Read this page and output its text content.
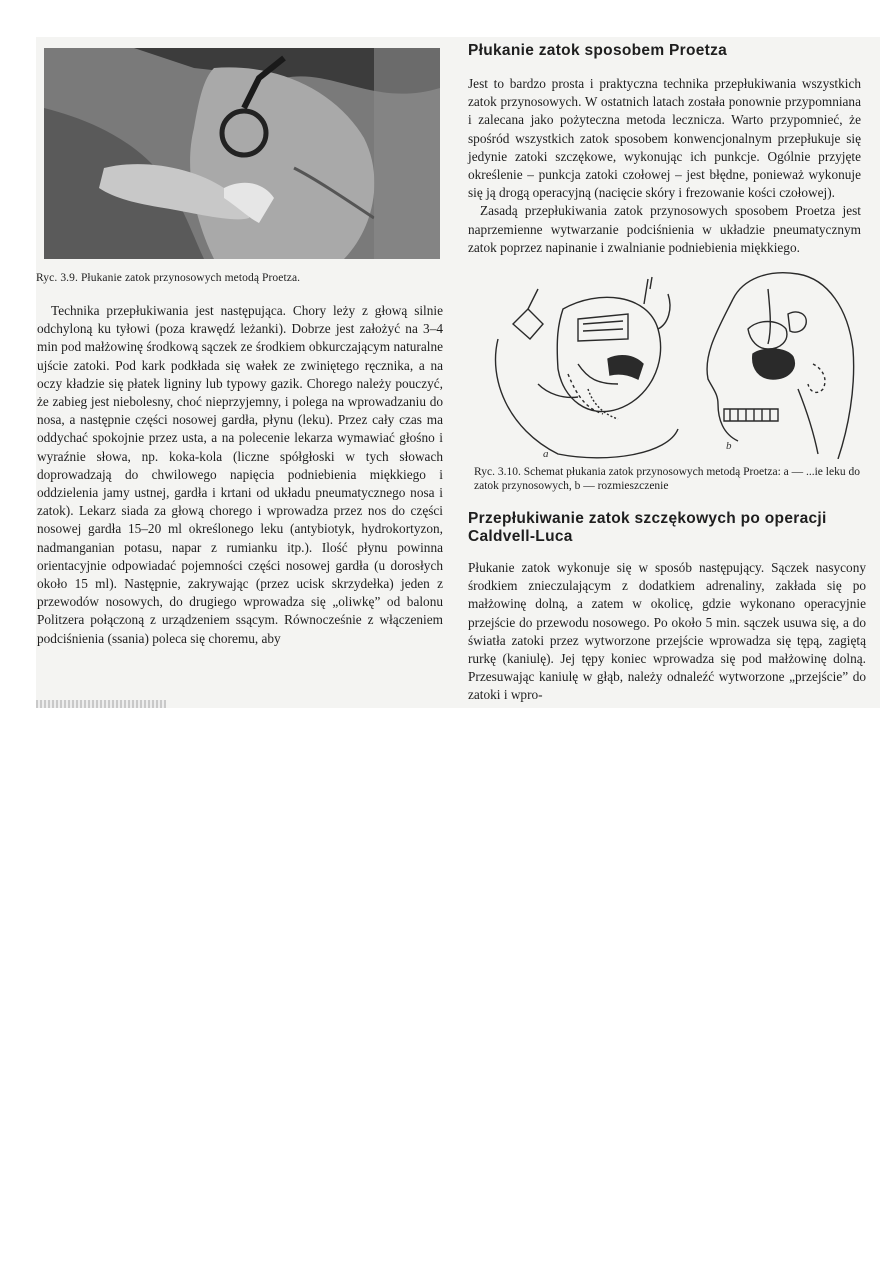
Ryc. 3.9. Płukanie zatok przynosowych metodą Proetza.

Technika przepłukiwania jest następująca. Chory leży z głową silnie odchyloną ku tyłowi (poza krawędź leżanki). Dobrze jest założyć na 3–4 min pod małżowinę środkową sączek ze środkiem obkurczającym naturalne ujście zatoki. Pod kark podkłada się wałek ze zwiniętego ręcznika, a na oczy kładzie się płatek ligniny lub typowy gazik. Chorego należy pouczyć, że zabieg jest niebolesny, choć nieprzyjemny, i polega na wprowadzaniu do nosa, a następnie części nosowej gardła, płynu (leku). Przez cały czas ma oddychać spokojnie przez usta, a na polecenie lekarza wymawiać głośno i wyraźnie słowa, np. koka-kola (liczne spółgłoski w tych słowach doprowadzają do chwilowego napięcia podniebienia miękkiego i oddzielenia jamy ustnej, gardła i krtani od układu pneumatycznego nosa i zatok). Lekarz siada za głową chorego i wprowadza przez nos do części nosowej gardła 15–20 ml określonego leku (antybiotyk, hydrokortyzon, nadmanganian potasu, napar z rumianku itp.). Ilość płynu powinna orientacyjnie odpowiadać pojemności części nosowej gardła (u dorosłych około 15 ml). Następnie, zakrywając (przez ucisk skrzydełka) jeden z przewodów nosowych, do drugiego wprowadza się „oliwkę” od balonu Politzera połączoną z urządzeniem ssącym. Równocześnie z włączeniem podciśnienia (ssania) poleca się choremu, aby

Płukanie zatok sposobem Proetza

Jest to bardzo prosta i praktyczna technika przepłukiwania wszystkich zatok przynosowych. W ostatnich latach została ponownie przypomniana i zalecana jako pożyteczna metoda lecznicza. Warto przypomnieć, że spośród wszystkich zatok sposobem konwencjonalnym przepłukuje się jedynie zatoki szczękowe, wykonując ich punkcje. Ogólnie przyjęte określenie – punkcja zatoki czołowej – jest błędne, ponieważ wykonuje się ją drogą operacyjną (nacięcie skóry i frezowanie kości czołowej).

Zasadą przepłukiwania zatok przynosowych sposobem Proetza jest naprzemienne wytwarzanie podciśnienia w układzie pneumatycznym zatok poprzez napinanie i zwalnianie podniebienia miękkiego.

a
b
Ryc. 3.10. Schemat płukania zatok przynosowych metodą Proetza: a — ...ie leku do zatok przynosowych, b — rozmieszczenie
Przepłukiwanie zatok szczękowych po operacji Caldvell-Luca

Płukanie zatok wykonuje się w sposób następujący. Sączek nasycony środkiem znieczulającym z dodatkiem adrenaliny, zakłada się po małżowinę dolną, a zatem w okolicę, gdzie wykonano operacyjnie przejście do przewodu nosowego. Po około 5 min. sączek usuwa się, a do światła zatoki przez wytworzone przejście wprowadza się tępą, zagiętą rurkę (kaniulę). Jej tępy koniec wprowadza się pod małżowinę dolną. Przesuwając kaniulę w głąb, należy odnaleźć wytworzone „przejście” do zatoki i wpro-
